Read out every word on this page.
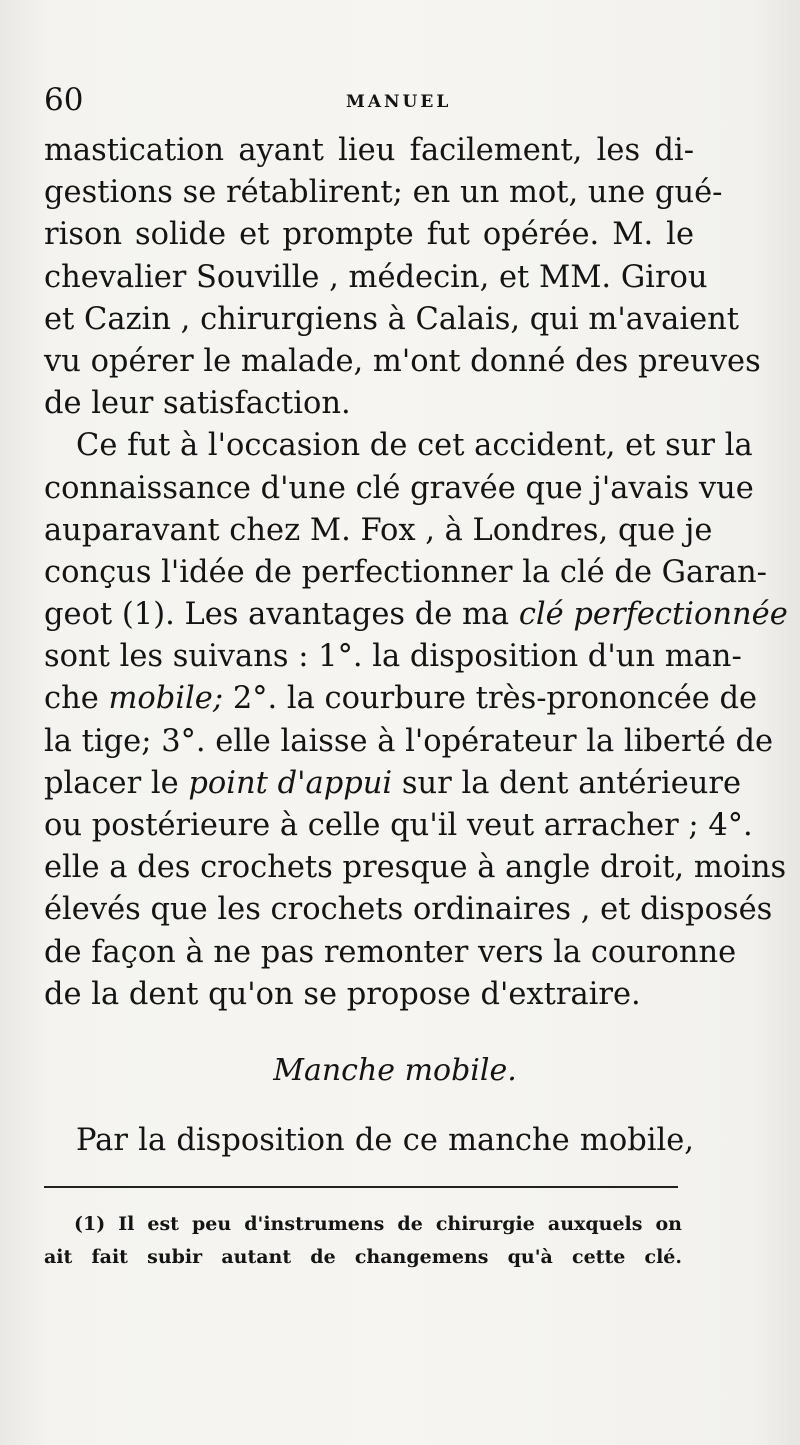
60	MANUEL
mastication ayant lieu facilement, les di-
gestions se rétablirent; en un mot, une gué-
rison solide et prompte fut opérée. M. le
chevalier Souville , médecin, et MM. Girou
et Cazin , chirurgiens à Calais, qui m'avaient
vu opérer le malade, m'ont donné des preuves
de leur satisfaction.
Ce fut à l'occasion de cet accident, et sur la
connaissance d'une clé gravée que j'avais vue
auparavant chez M. Fox , à Londres, que je
conçus l'idée de perfectionner la clé de Garan-
geot (1). Les avantages de ma clé perfectionnée
sont les suivans : 1°. la disposition d'un man-
che mobile; 2°. la courbure très-prononcée de
la tige; 3°. elle laisse à l'opérateur la liberté de
placer le point d'appui sur la dent antérieure
ou postérieure à celle qu'il veut arracher ; 4°.
elle a des crochets presque à angle droit, moins
élevés que les crochets ordinaires , et disposés
de façon à ne pas remonter vers la couronne
de la dent qu'on se propose d'extraire.
Manche mobile.
Par la disposition de ce manche mobile,
(1) Il est peu d'instrumens de chirurgie auxquels on
ait fait subir autant de changemens qu'à cette clé.
